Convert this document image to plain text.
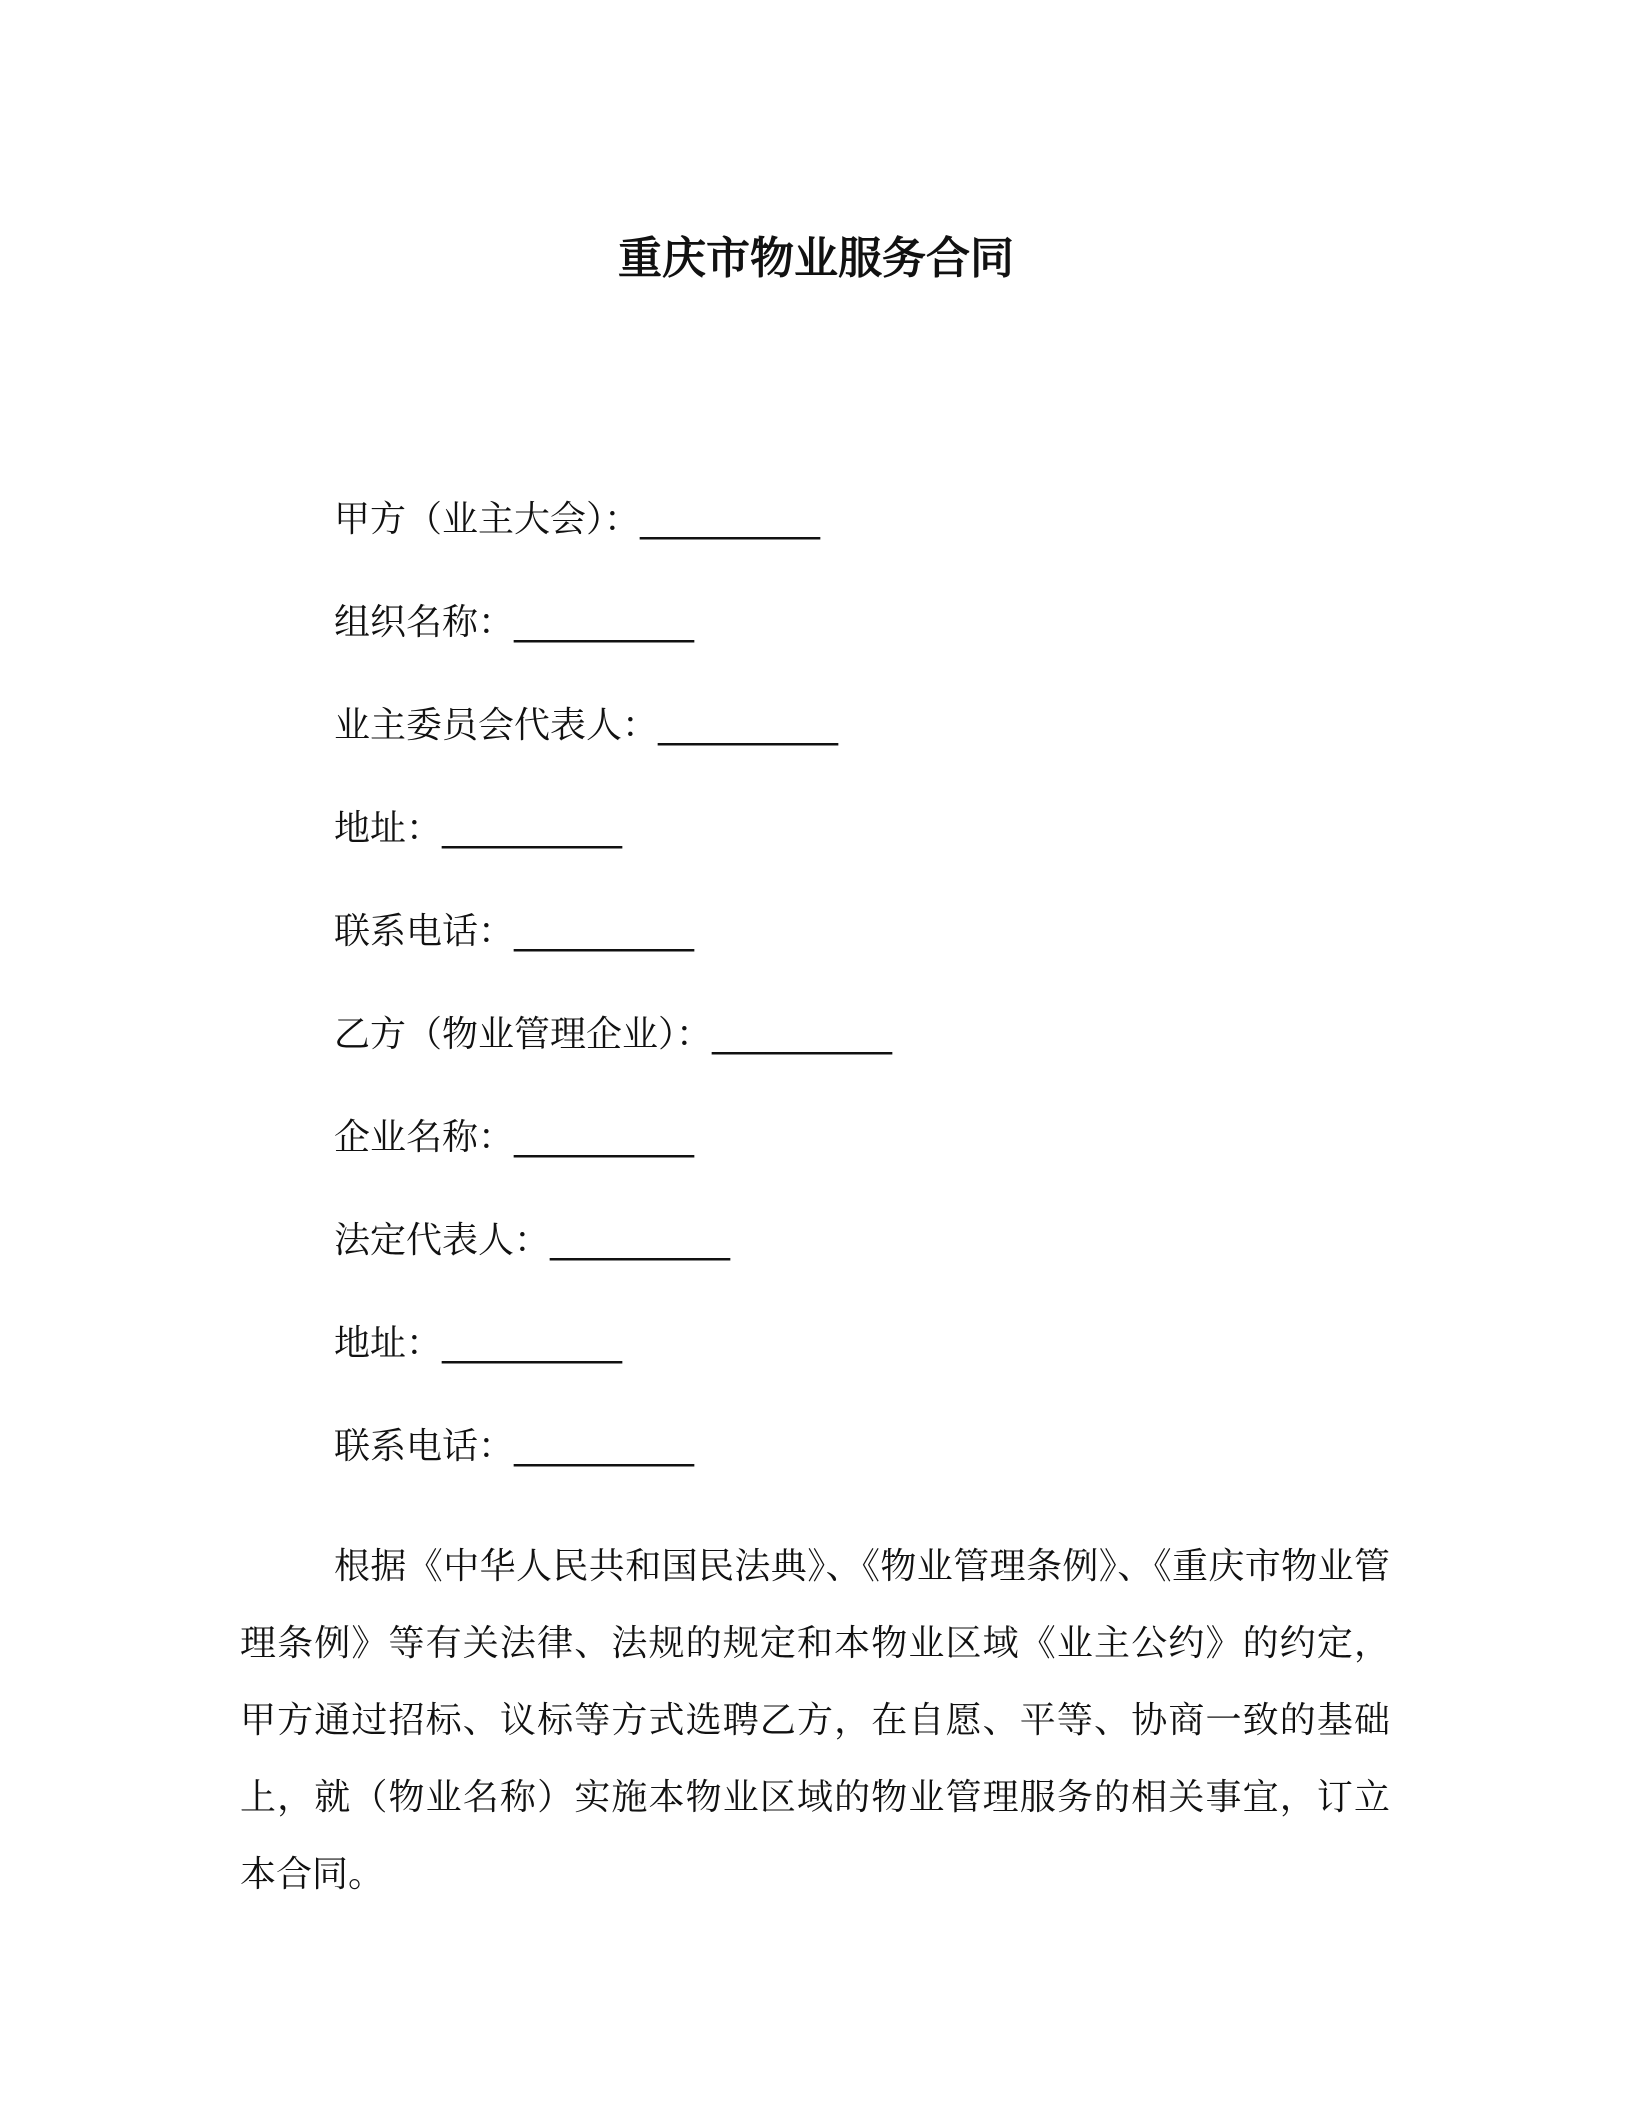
重庆市物业服务合同
甲方（业主大会）：__________
组织名称：__________
业主委员会代表人：__________
地址：__________
联系电话：__________
乙方（物业管理企业）：__________
企业名称：__________
法定代表人：__________
地址：__________
联系电话：__________
根据《中华人民共和国民法典》、《物业管理条例》、《重庆市物业管理条例》等有关法律、法规的规定和本物业区域《业主公约》的约定，甲方通过招标、议标等方式选聘乙方，在自愿、平等、协商一致的基础上，就（物业名称）实施本物业区域的物业管理服务的相关事宜，订立本合同。
